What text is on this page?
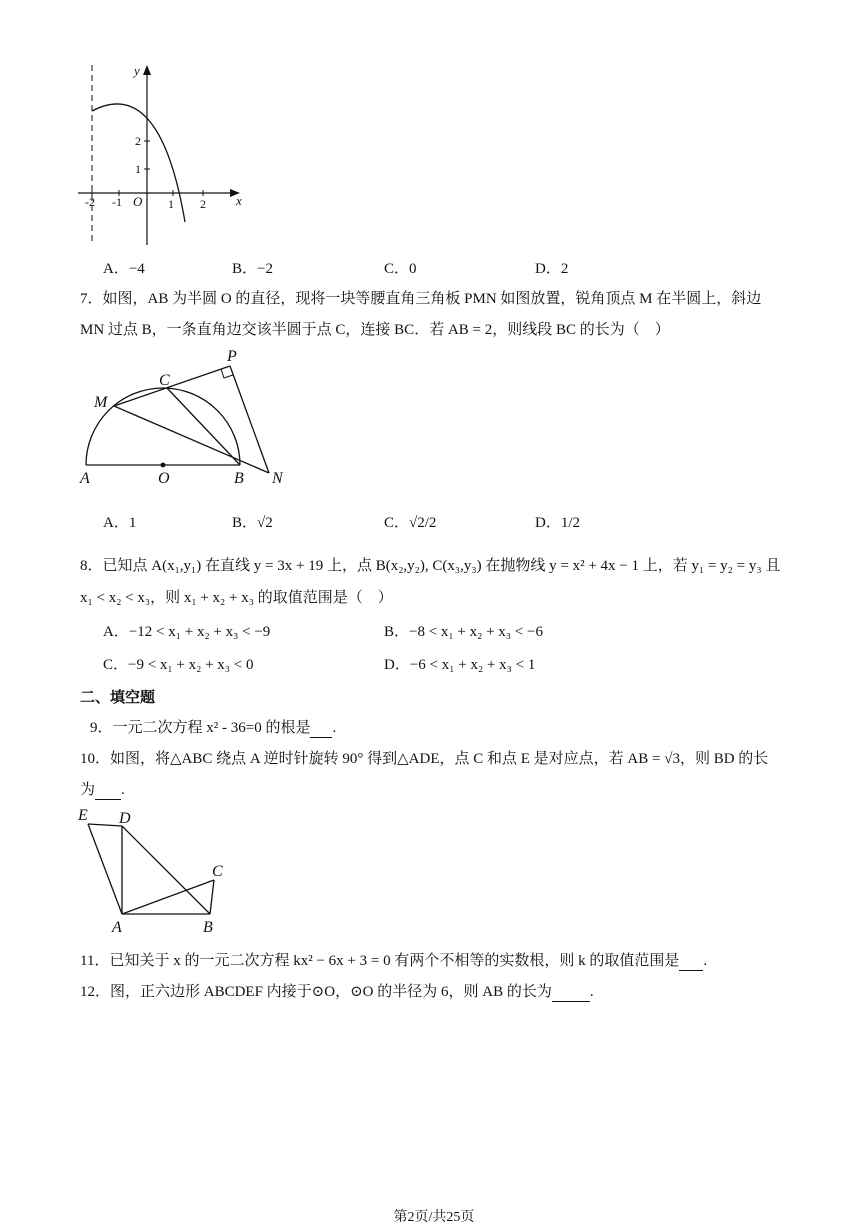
y
x
O
-2 -1	1 2
1
2
A．−4	B．−2	C．0	D．2
7．如图，AB 为半圆 O 的直径，现将一块等腰直角三角板 PMN 如图放置，锐角顶点 M 在半圆上，斜边
MN 过点 B，一条直角边交该半圆于点 C，连接 BC．若 AB = 2，则线段 BC 的长为（　）
P
C
M
A	O	B N
A．1	B．√2	C．√2/2	D．1/2
8．已知点 A(x₁,y₁) 在直线 y = 3x + 19 上，点 B(x₂,y₂), C(x₃,y₃) 在抛物线 y = x² + 4x − 1 上，若 y₁ = y₂ = y₃ 且
x₁ < x₂ < x₃，则 x₁ + x₂ + x₃ 的取值范围是（　）
A．−12 < x₁ + x₂ + x₃ < −9	B．−8 < x₁ + x₂ + x₃ < −6
C．−9 < x₁ + x₂ + x₃ < 0	D．−6 < x₁ + x₂ + x₃ < 1
二、填空题
9．一元二次方程 x² - 36=0 的根是 .
10．如图，将△ABC 绕点 A 逆时针旋转 90° 得到△ADE，点 C 和点 E 是对应点，若 AB = √3，则 BD 的长
为 .
E D
C
A	B
11．已知关于 x 的一元二次方程 kx² − 6x + 3 = 0 有两个不相等的实数根，则 k 的取值范围是 .
12．图，正六边形 ABCDEF 内接于⊙O，⊙O 的半径为 6，则 AB 的长为	.
第2页/共25页
